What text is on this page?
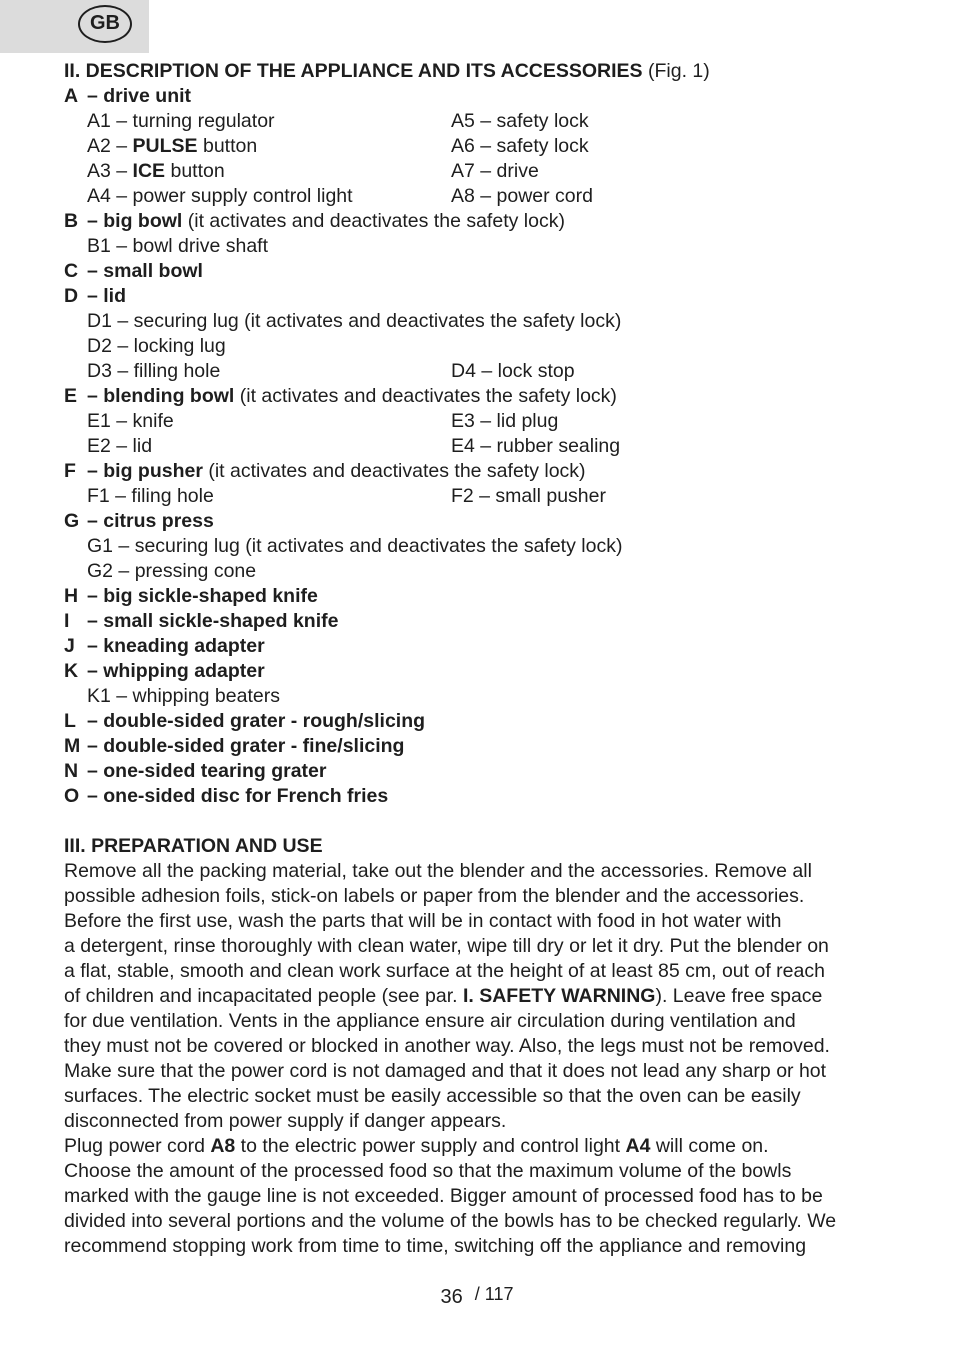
GB
II. DESCRIPTION OF THE APPLIANCE AND ITS ACCESSORIES (Fig. 1)
A – drive unit
A1 – turning regulator	A5 – safety lock
A2 – PULSE button	A6 – safety lock
A3 – ICE button	A7 – drive
A4 – power supply control light	A8 – power cord
B – big bowl (it activates and deactivates the safety lock)
B1 – bowl drive shaft
C – small bowl
D – lid
D1 – securing lug (it activates and deactivates the safety lock)
D2 – locking lug
D3 – filling hole	D4 – lock stop
E – blending bowl (it activates and deactivates the safety lock)
E1 – knife	E3 – lid plug
E2 – lid	E4 – rubber sealing
F – big pusher (it activates and deactivates the safety lock)
F1 – filing hole	F2 – small pusher
G – citrus press
G1 – securing lug (it activates and deactivates the safety lock)
G2 – pressing cone
H – big sickle-shaped knife
I – small sickle-shaped knife
J – kneading adapter
K – whipping adapter
K1 – whipping beaters
L – double-sided grater - rough/slicing
M – double-sided grater - fine/slicing
N – one-sided tearing grater
O – one-sided disc for French fries
III. PREPARATION AND USE
Remove all the packing material, take out the blender and the accessories. Remove all
possible adhesion foils, stick-on labels or paper from the blender and the accessories.
Before the first use, wash the parts that will be in contact with food in hot water with
a detergent, rinse thoroughly with clean water, wipe till dry or let it dry. Put the blender on
a flat, stable, smooth and clean work surface at the height of at least 85 cm, out of reach
of children and incapacitated people (see par. I. SAFETY WARNING). Leave free space
for due ventilation. Vents in the appliance ensure air circulation during ventilation and
they must not be covered or blocked in another way. Also, the legs must not be removed.
Make sure that the power cord is not damaged and that it does not lead any sharp or hot
surfaces. The electric socket must be easily accessible so that the oven can be easily
disconnected from power supply if danger appears.
Plug power cord A8 to the electric power supply and control light A4 will come on.
Choose the amount of the processed food so that the maximum volume of the bowls
marked with the gauge line is not exceeded. Bigger amount of processed food has to be
divided into several portions and the volume of the bowls has to be checked regularly. We
recommend stopping work from time to time, switching off the appliance and removing
36 / 117
